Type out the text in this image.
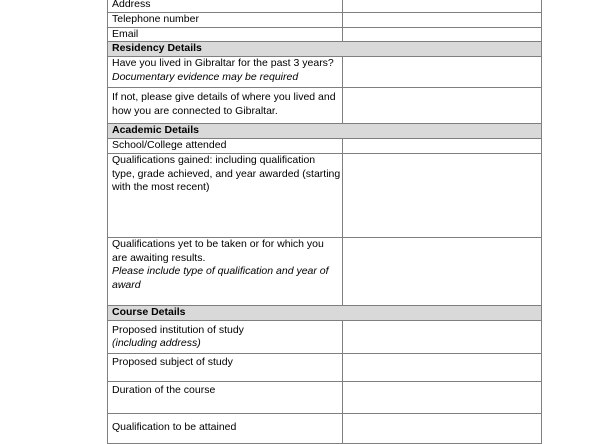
Address	

Telephone number	

Email	

Residency Details	

Have you lived in Gibraltar for the past 3 years?
Documentary evidence may be required	

If not, please give details of where you lived and
how you are connected to Gibraltar.	

Academic Details	

School/College attended	

Qualifications gained: including qualification
type, grade achieved, and year awarded (starting
with the most recent)	

Qualifications yet to be taken or for which you
are awaiting results.
Please include type of qualification and year of
award	

Course Details	

Proposed institution of study
(including address)	

Proposed subject of study	

Duration of the course	

Qualification to be attained	
